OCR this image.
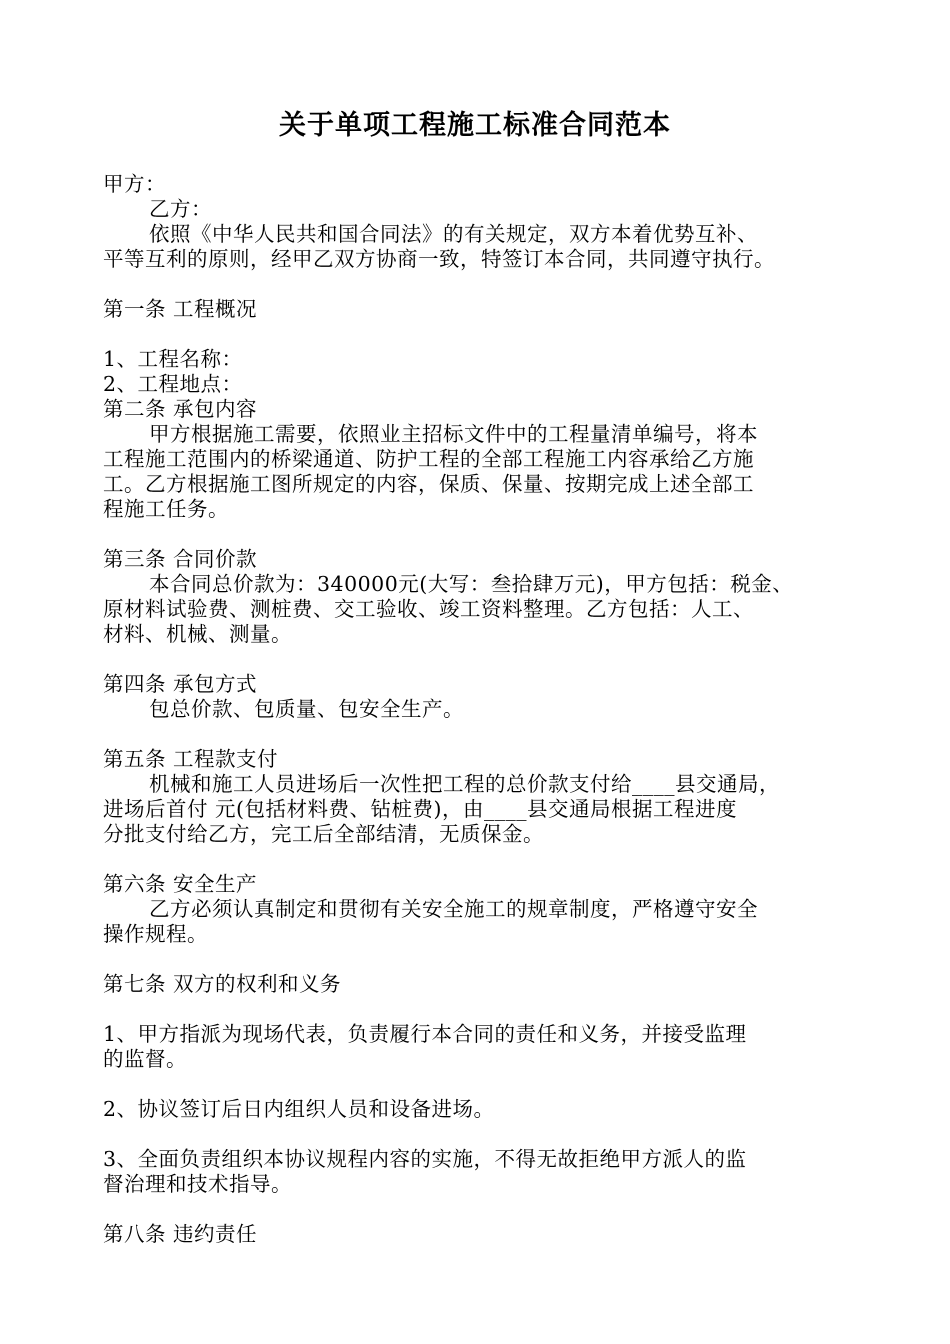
关于单项工程施工标准合同范本

甲方：

乙方：

依照《中华人民共和国合同法》的有关规定，双方本着优势互补、

平等互利的原则，经甲乙双方协商一致，特签订本合同，共同遵守执行。

第一条 工程概况

1、工程名称：

2、工程地点：

第二条 承包内容

甲方根据施工需要，依照业主招标文件中的工程量清单编号，将本

工程施工范围内的桥梁通道、防护工程的全部工程施工内容承给乙方施

工。乙方根据施工图所规定的内容，保质、保量、按期完成上述全部工

程施工任务。

第三条 合同价款

本合同总价款为：340000元(大写：叁拾肆万元)，甲方包括：税金、

原材料试验费、测桩费、交工验收、竣工资料整理。乙方包括：人工、

材料、机械、测量。

第四条 承包方式

包总价款、包质量、包安全生产。

第五条 工程款支付

机械和施工人员进场后一次性把工程的总价款支付给____县交通局，

进场后首付 元(包括材料费、钻桩费)，由____县交通局根据工程进度

分批支付给乙方，完工后全部结清，无质保金。

第六条 安全生产

乙方必须认真制定和贯彻有关安全施工的规章制度，严格遵守安全

操作规程。

第七条 双方的权利和义务

1、甲方指派为现场代表，负责履行本合同的责任和义务，并接受监理

的监督。

2、协议签订后日内组织人员和设备进场。

3、全面负责组织本协议规程内容的实施，不得无故拒绝甲方派人的监

督治理和技术指导。

第八条 违约责任
